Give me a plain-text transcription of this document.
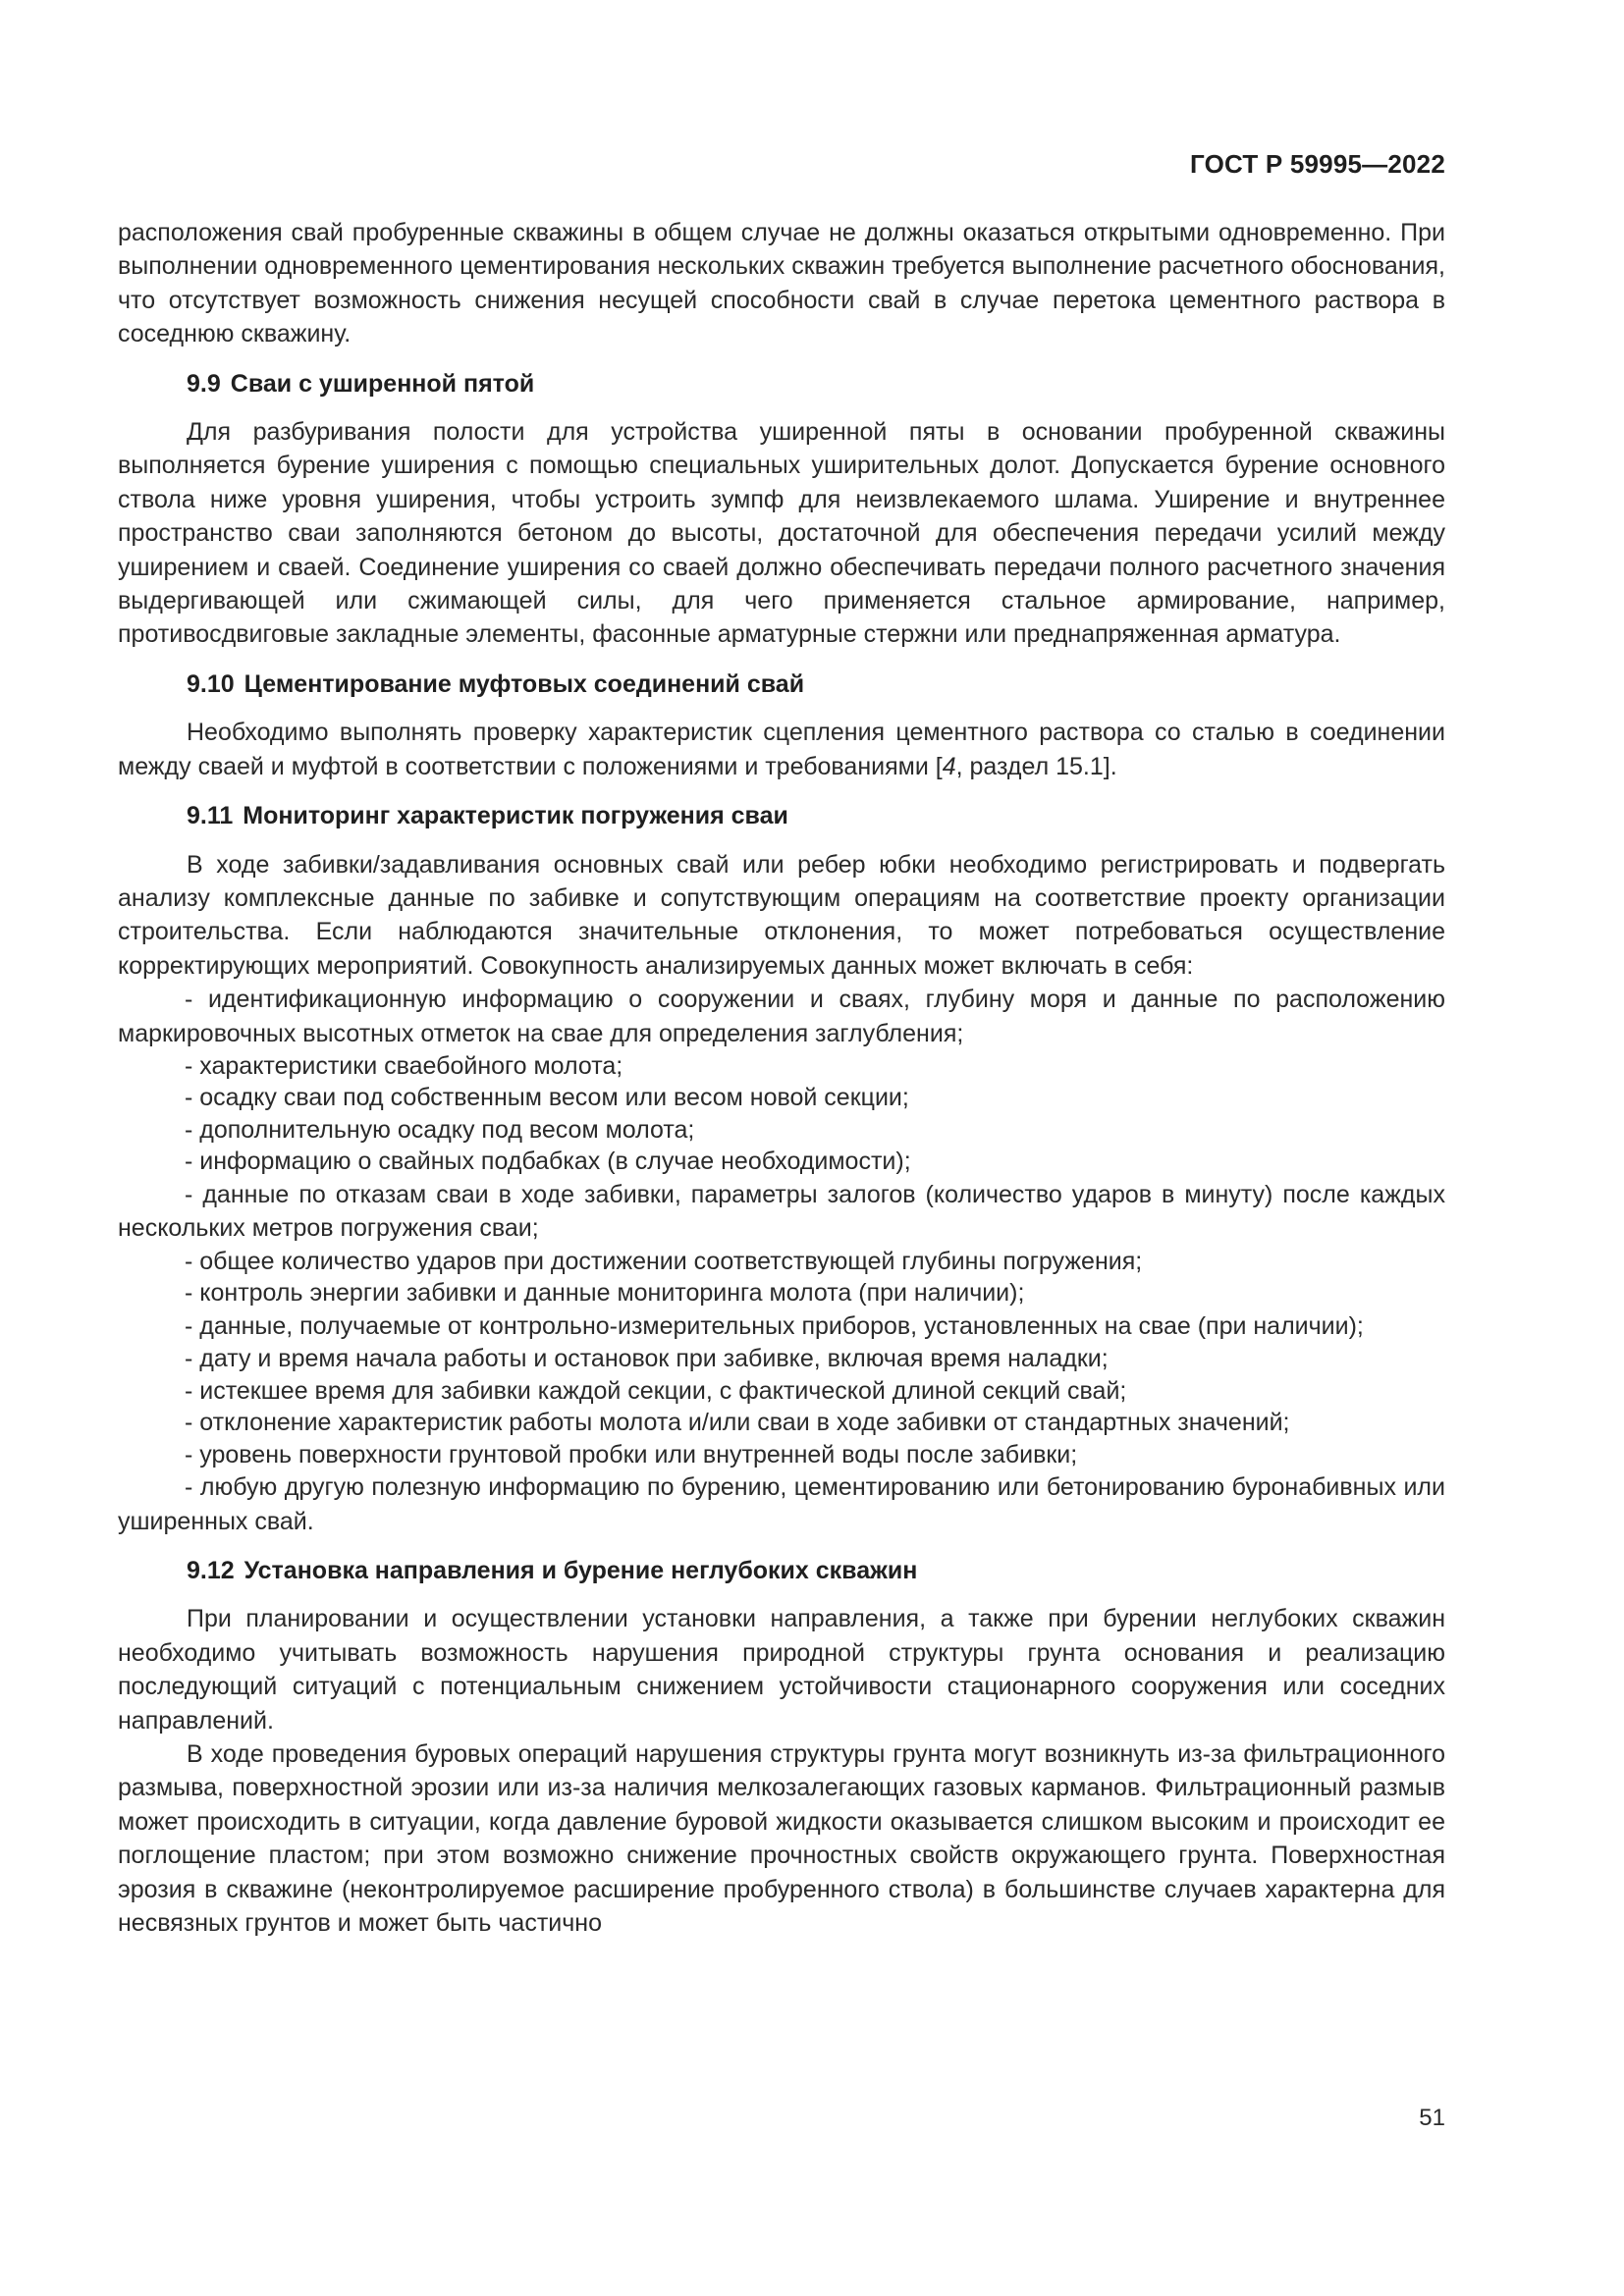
ГОСТ Р 59995—2022

расположения свай пробуренные скважины в общем случае не должны оказаться открытыми одновременно. При выполнении одновременного цементирования нескольких скважин требуется выполнение расчетного обоснования, что отсутствует возможность снижения несущей способности свай в случае перетока цементного раствора в соседнюю скважину.

9.9 Сваи с уширенной пятой

Для разбуривания полости для устройства уширенной пяты в основании пробуренной скважины выполняется бурение уширения с помощью специальных уширительных долот. Допускается бурение основного ствола ниже уровня уширения, чтобы устроить зумпф для неизвлекаемого шлама. Уширение и внутреннее пространство сваи заполняются бетоном до высоты, достаточной для обеспечения передачи усилий между уширением и сваей. Соединение уширения со сваей должно обеспечивать передачи полного расчетного значения выдергивающей или сжимающей силы, для чего применяется стальное армирование, например, противосдвиговые закладные элементы, фасонные арматурные стержни или преднапряженная арматура.

9.10 Цементирование муфтовых соединений свай

Необходимо выполнять проверку характеристик сцепления цементного раствора со сталью в соединении между сваей и муфтой в соответствии с положениями и требованиями [4, раздел 15.1].

9.11 Мониторинг характеристик погружения сваи

В ходе забивки/задавливания основных свай или ребер юбки необходимо регистрировать и подвергать анализу комплексные данные по забивке и сопутствующим операциям на соответствие проекту организации строительства. Если наблюдаются значительные отклонения, то может потребоваться осуществление корректирующих мероприятий. Совокупность анализируемых данных может включать в себя:

- идентификационную информацию о сооружении и сваях, глубину моря и данные по расположению маркировочных высотных отметок на свае для определения заглубления;

- характеристики сваебойного молота;

- осадку сваи под собственным весом или весом новой секции;

- дополнительную осадку под весом молота;

- информацию о свайных подбабках (в случае необходимости);

- данные по отказам сваи в ходе забивки, параметры залогов (количество ударов в минуту) после каждых нескольких метров погружения сваи;

- общее количество ударов при достижении соответствующей глубины погружения;

- контроль энергии забивки и данные мониторинга молота (при наличии);

- данные, получаемые от контрольно-измерительных приборов, установленных на свае (при наличии);

- дату и время начала работы и остановок при забивке, включая время наладки;

- истекшее время для забивки каждой секции, с фактической длиной секций свай;

- отклонение характеристик работы молота и/или сваи в ходе забивки от стандартных значений;

- уровень поверхности грунтовой пробки или внутренней воды после забивки;

- любую другую полезную информацию по бурению, цементированию или бетонированию буронабивных или уширенных свай.

9.12 Установка направления и бурение неглубоких скважин

При планировании и осуществлении установки направления, а также при бурении неглубоких скважин необходимо учитывать возможность нарушения природной структуры грунта основания и реализацию последующий ситуаций с потенциальным снижением устойчивости стационарного сооружения или соседних направлений.

В ходе проведения буровых операций нарушения структуры грунта могут возникнуть из-за фильтрационного размыва, поверхностной эрозии или из-за наличия мелкозалегающих газовых карманов. Фильтрационный размыв может происходить в ситуации, когда давление буровой жидкости оказывается слишком высоким и происходит ее поглощение пластом; при этом возможно снижение прочностных свойств окружающего грунта. Поверхностная эрозия в скважине (неконтролируемое расширение пробуренного ствола) в большинстве случаев характерна для несвязных грунтов и может быть частично

51
